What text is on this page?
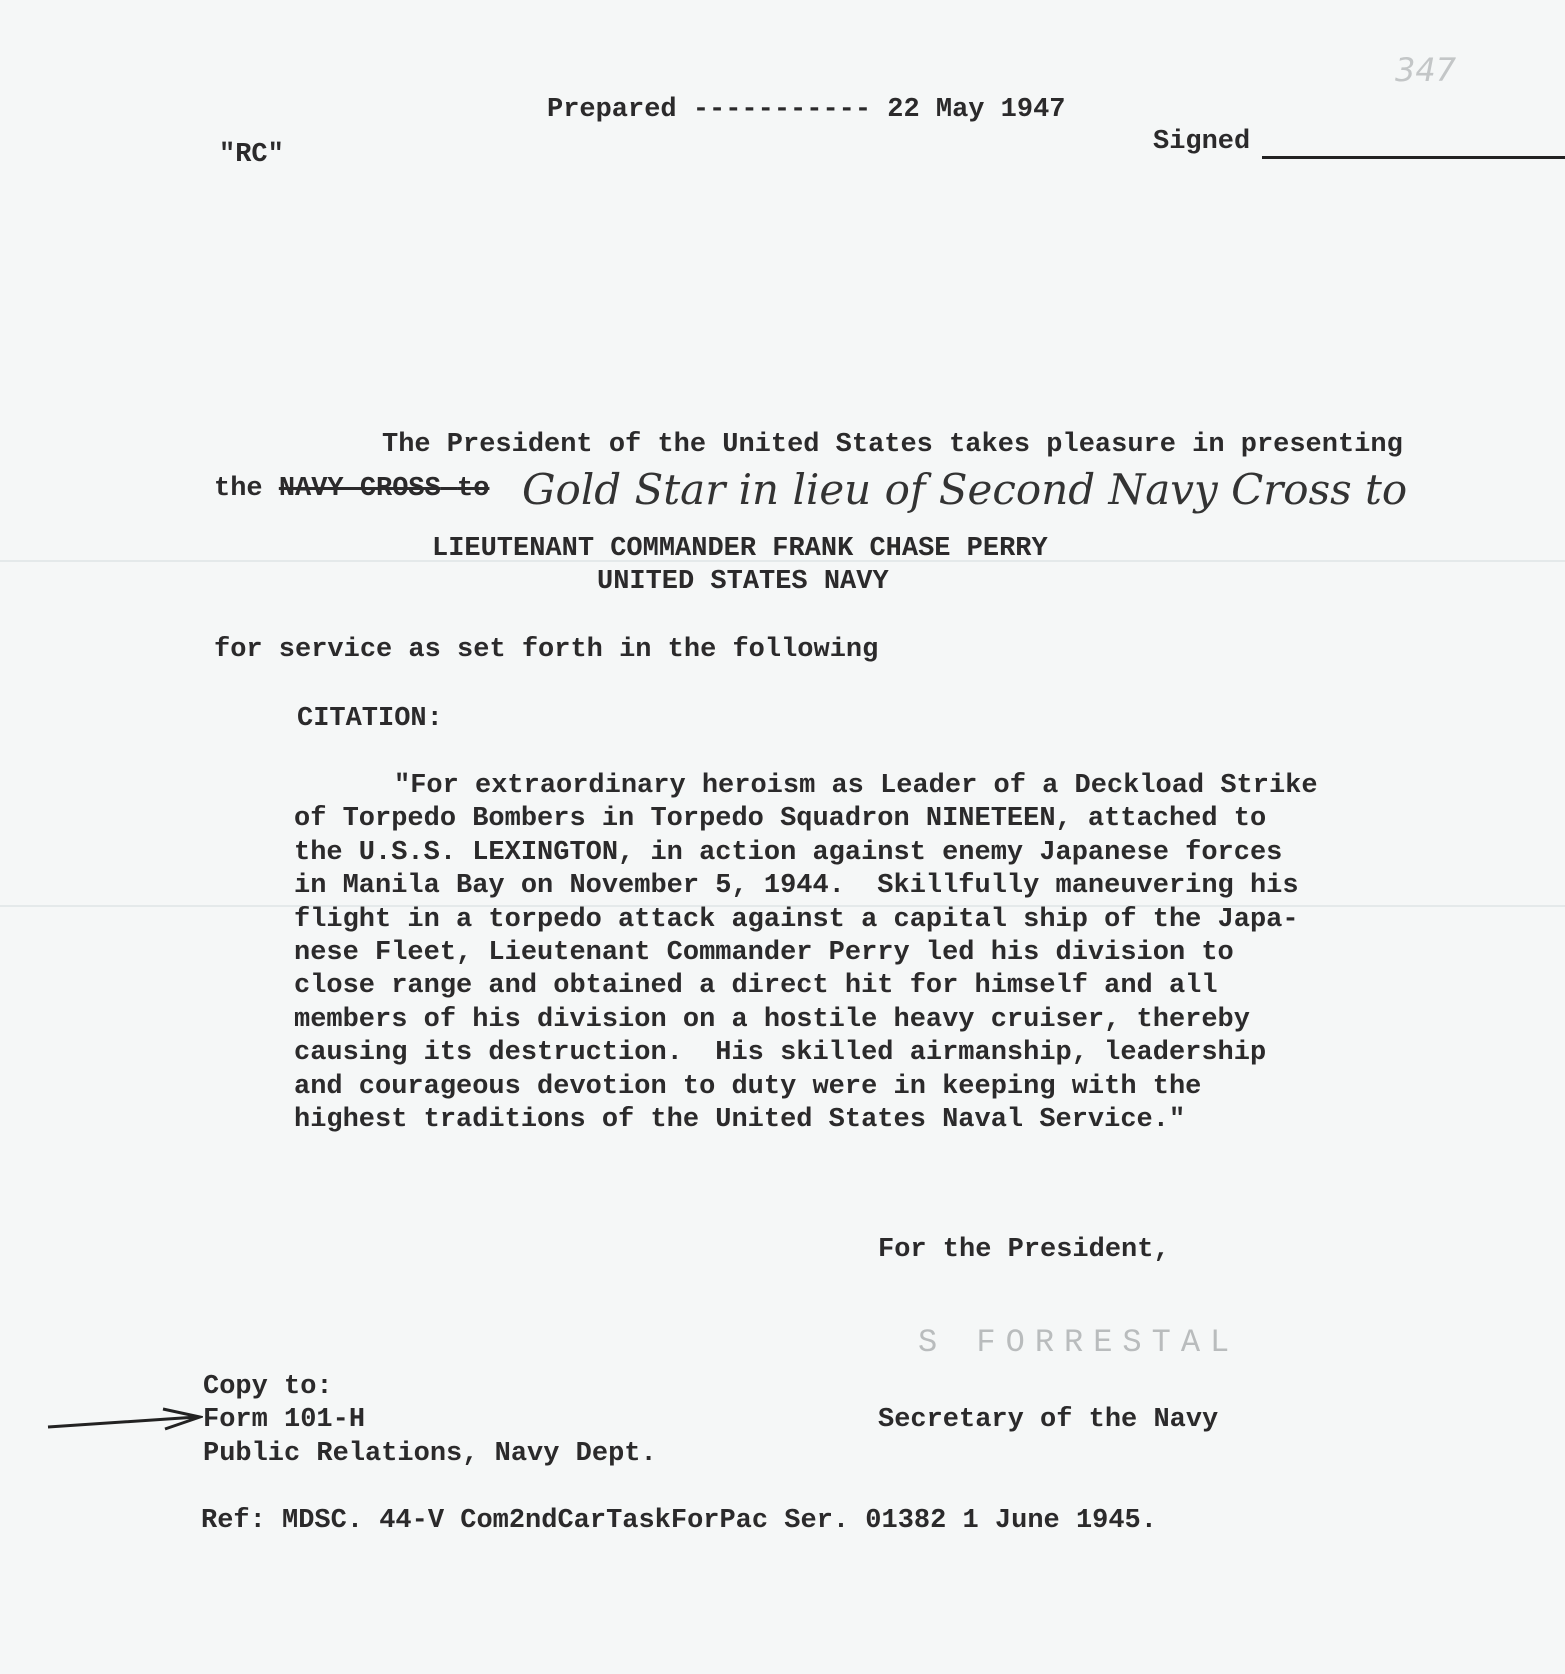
347
"RC"
Prepared ----------- 22 May 1947
Signed
The President of the United States takes pleasure in presenting
the NAVY CROSS to Gold Star in lieu of Second Navy Cross to
LIEUTENANT COMMANDER FRANK CHASE PERRY
UNITED STATES NAVY
for service as set forth in the following
CITATION:
"For extraordinary heroism as Leader of a Deckload Strike
of Torpedo Bombers in Torpedo Squadron NINETEEN, attached to
the U.S.S. LEXINGTON, in action against enemy Japanese forces
in Manila Bay on November 5, 1944.  Skillfully maneuvering his
flight in a torpedo attack against a capital ship of the Japa-
nese Fleet, Lieutenant Commander Perry led his division to
close range and obtained a direct hit for himself and all
members of his division on a hostile heavy cruiser, thereby
causing its destruction.  His skilled airmanship, leadership
and courageous devotion to duty were in keeping with the
highest traditions of the United States Naval Service."
For the President,
S FORRESTAL
Secretary of the Navy
Copy to:
Form 101-H
Public Relations, Navy Dept.
Ref: MDSC. 44-V Com2ndCarTaskForPac Ser. 01382 1 June 1945.
